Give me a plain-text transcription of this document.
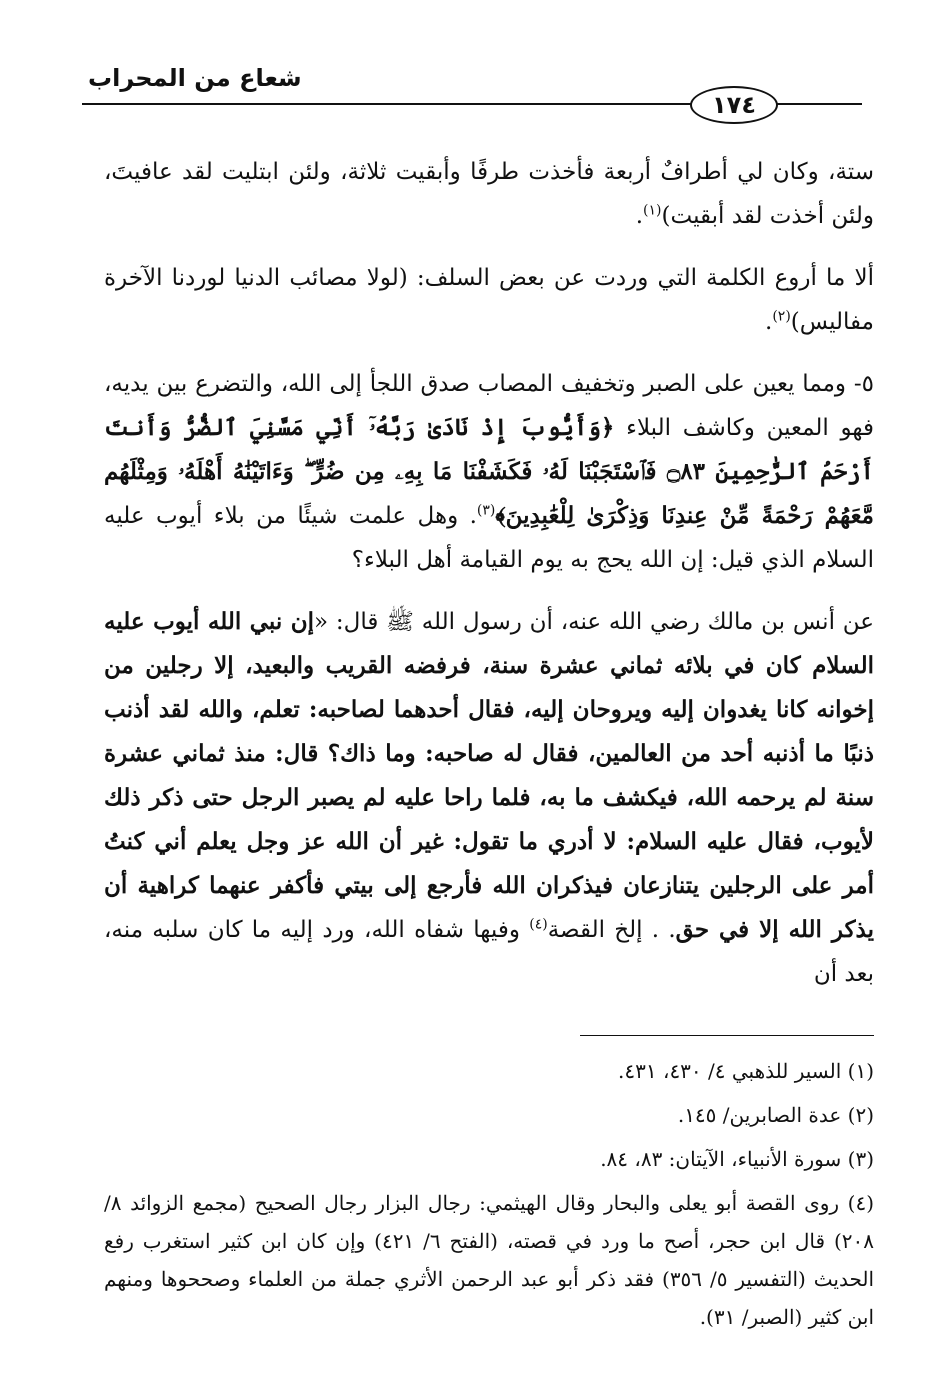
شعاع من المحراب
١٧٤

ستة، وكان لي أطرافٌ أربعة فأخذت طرفًا وأبقيت ثلاثة، ولئن ابتليت لقد عافيتَ، ولئن أخذت لقد أبقيت)$^{(١)}$.

ألا ما أروع الكلمة التي وردت عن بعض السلف: (لولا مصائب الدنيا لوردنا الآخرة مفاليس)$^{(٢)}$.

٥- ومما يعين على الصبر وتخفيف المصاب صدق اللجأ إلى الله، والتضرع بين يديه، فهو المعين وكاشف البلاء ﴿وَأَيُّوبَ إِذْ نَادَىٰ رَبَّهُۥٓ أَنِّي مَسَّنِيَ ٱلضُّرُّ وَأَنتَ أَرْحَمُ ٱلرَّٰحِمِينَ ۝٨٣ فَٱسْتَجَبْنَا لَهُۥ فَكَشَفْنَا مَا بِهِۦ مِن ضُرٍّ ۖ وَءَاتَيْنَٰهُ أَهْلَهُۥ وَمِثْلَهُم مَّعَهُمْ رَحْمَةً مِّنْ عِندِنَا وَذِكْرَىٰ لِلْعَٰبِدِينَ﴾$^{(٣)}$. وهل علمت شيئًا من بلاء أيوب عليه السلام الذي قيل: إن الله يحج به يوم القيامة أهل البلاء؟

عن أنس بن مالك رضي الله عنه، أن رسول الله ﷺ قال: «إن نبي الله أيوب عليه السلام كان في بلائه ثماني عشرة سنة، فرفضه القريب والبعيد، إلا رجلين من إخوانه كانا يغدوان إليه ويروحان إليه، فقال أحدهما لصاحبه: تعلم، والله لقد أذنب ذنبًا ما أذنبه أحد من العالمين، فقال له صاحبه: وما ذاك؟ قال: منذ ثماني عشرة سنة لم يرحمه الله، فيكشف ما به، فلما راحا عليه لم يصبر الرجل حتى ذكر ذلك لأيوب، فقال عليه السلام: لا أدري ما تقول: غير أن الله عز وجل يعلم أني كنتُ أمر على الرجلين يتنازعان فيذكران الله فأرجع إلى بيتي فأكفر عنهما كراهية أن يذكر الله إلا في حق. . إلخ القصة$^{(٤)}$ وفيها شفاه الله، ورد إليه ما كان سلبه منه، بعد أن

(١) السير للذهبي ٤/ ٤٣٠، ٤٣١.

(٢) عدة الصابرين/ ١٤٥.

(٣) سورة الأنبياء، الآيتان: ٨٣، ٨٤.

(٤) روى القصة أبو يعلى والبحار وقال الهيثمي: رجال البزار رجال الصحيح (مجمع الزوائد ٨/ ٢٠٨) قال ابن حجر، أصح ما ورد في قصته، (الفتح ٦/ ٤٢١) وإن كان ابن كثير استغرب رفع الحديث (التفسير ٥/ ٣٥٦) فقد ذكر أبو عبد الرحمن الأثري جملة من العلماء وصححوها ومنهم ابن كثير (الصبر/ ٣١).
